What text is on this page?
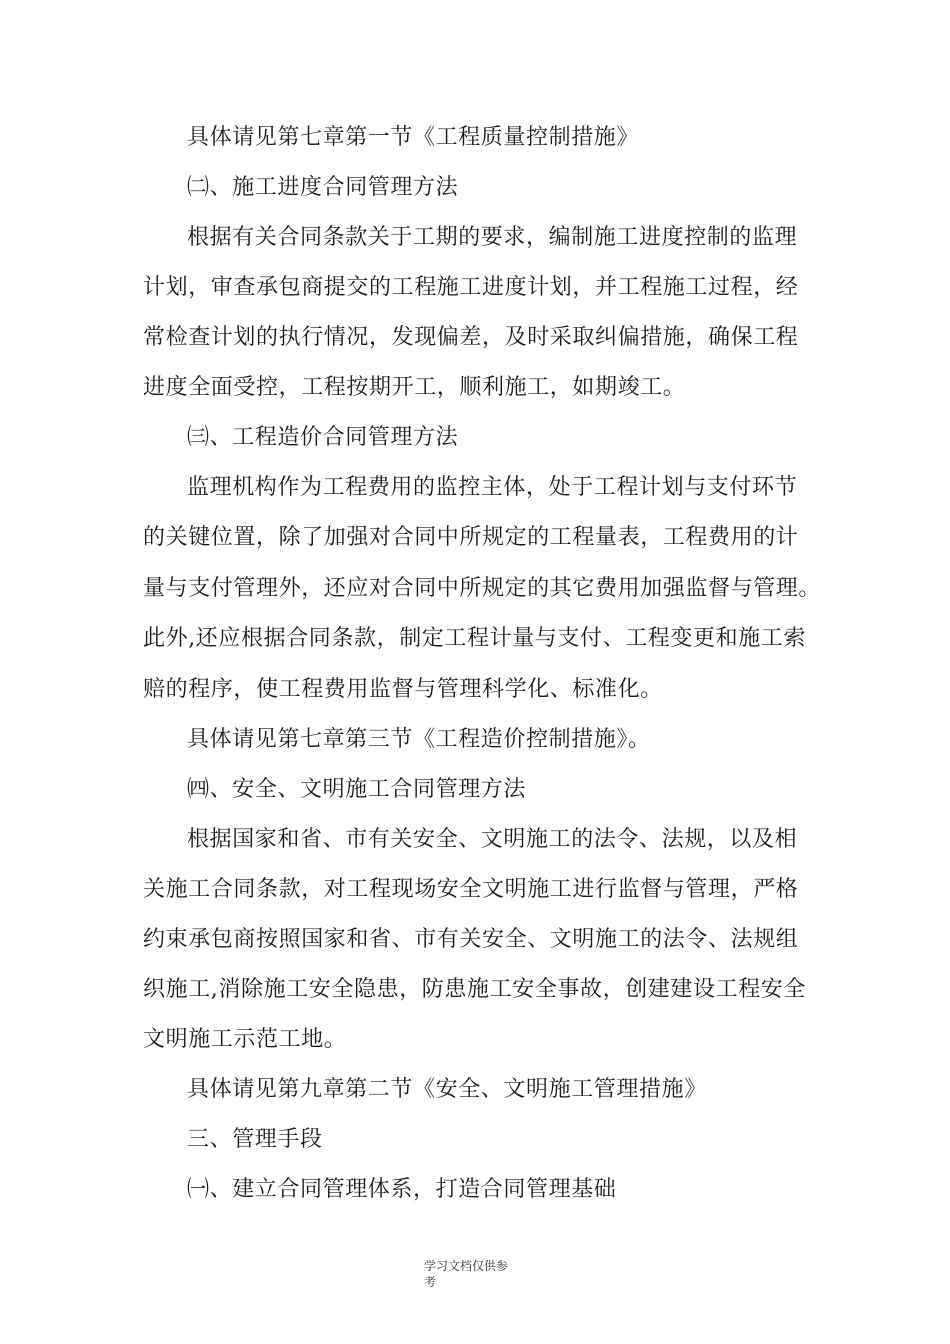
具体请见第七章第一节《工程质量控制措施》
㈡、施工进度合同管理方法
根据有关合同条款关于工期的要求，编制施工进度控制的监理
计划，审查承包商提交的工程施工进度计划，并工程施工过程，经
常检查计划的执行情况，发现偏差，及时采取纠偏措施，确保工程
进度全面受控，工程按期开工，顺利施工，如期竣工。
㈢、工程造价合同管理方法
监理机构作为工程费用的监控主体，处于工程计划与支付环节
的关键位置，除了加强对合同中所规定的工程量表，工程费用的计
量与支付管理外，还应对合同中所规定的其它费用加强监督与管理。
此外,还应根据合同条款，制定工程计量与支付、工程变更和施工索
赔的程序，使工程费用监督与管理科学化、标准化。
具体请见第七章第三节《工程造价控制措施》。
㈣、安全、文明施工合同管理方法
根据国家和省、市有关安全、文明施工的法令、法规，以及相
关施工合同条款，对工程现场安全文明施工进行监督与管理，严格
约束承包商按照国家和省、市有关安全、文明施工的法令、法规组
织施工,消除施工安全隐患，防患施工安全事故，创建建设工程安全
文明施工示范工地。
具体请见第九章第二节《安全、文明施工管理措施》
三、管理手段
㈠、建立合同管理体系，打造合同管理基础
学习文档仅供参
考
